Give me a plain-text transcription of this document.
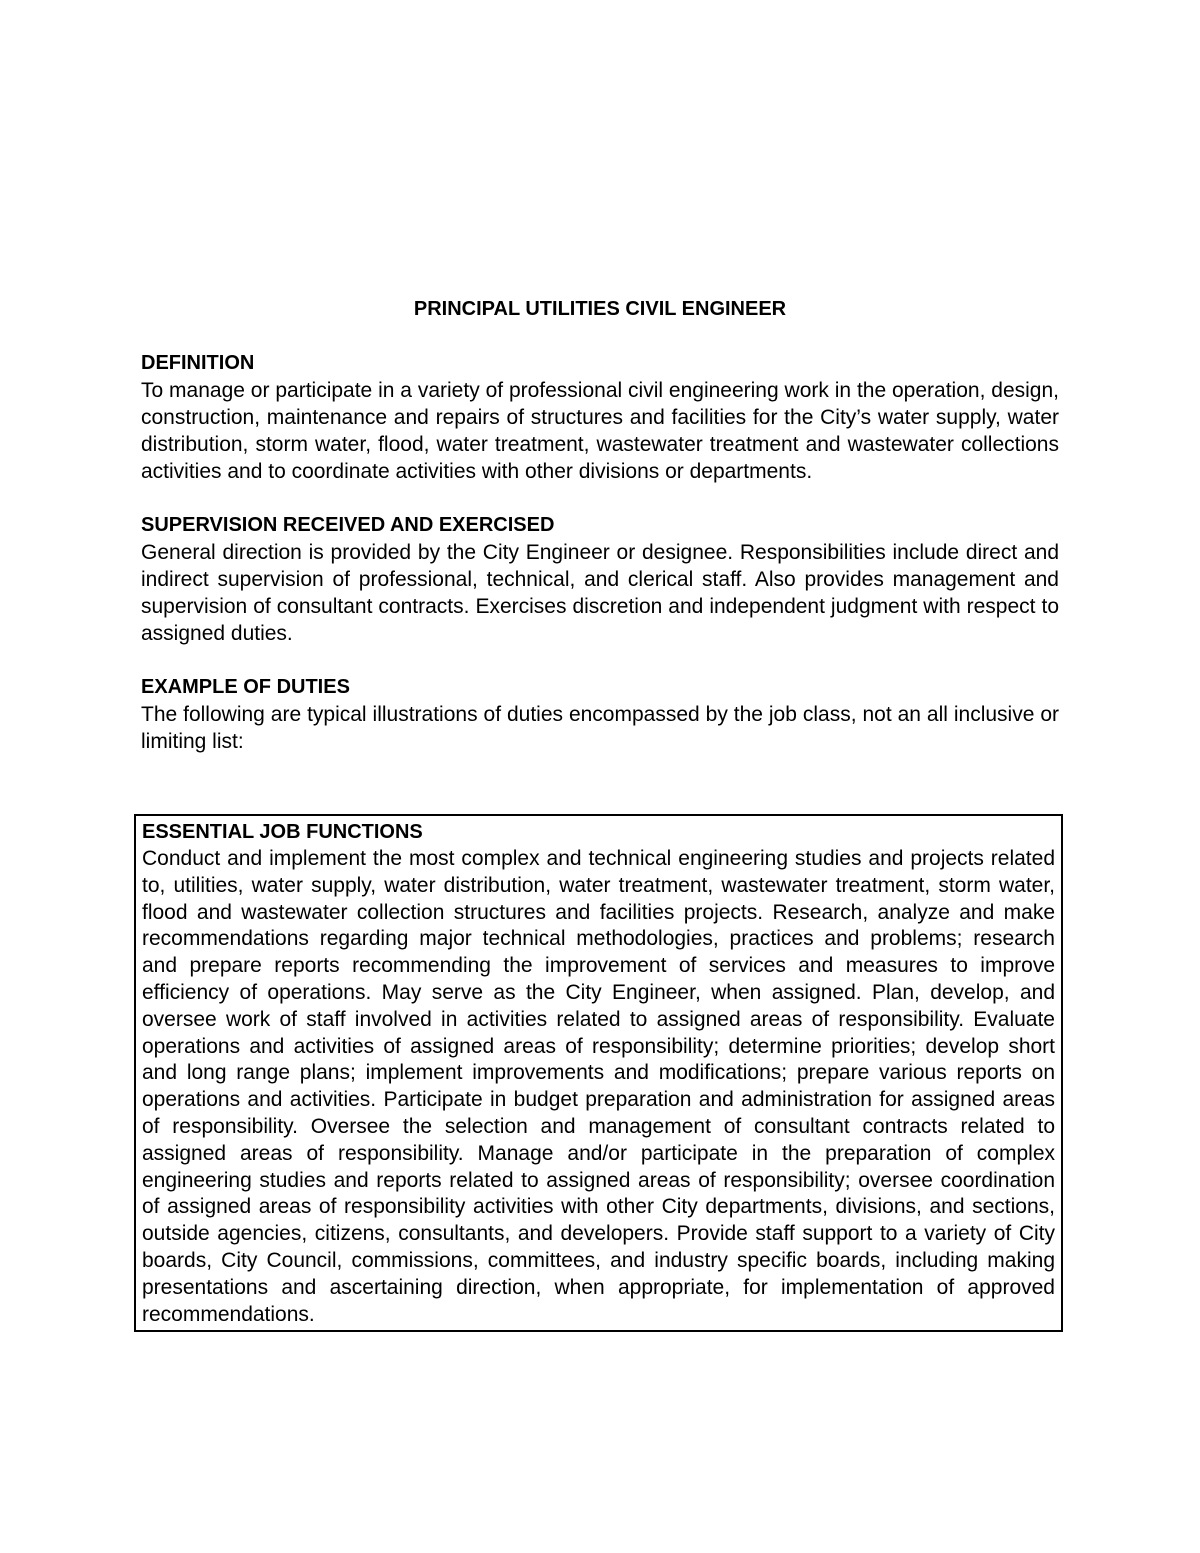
PRINCIPAL UTILITIES CIVIL ENGINEER
DEFINITION

To manage or participate in a variety of professional civil engineering work in the operation, design, construction, maintenance and repairs of structures and facilities for the City’s water supply, water distribution, storm water, flood, water treatment, wastewater treatment and wastewater collections activities and to coordinate activities with other divisions or departments.

SUPERVISION RECEIVED AND EXERCISED

General direction is provided by the City Engineer or designee. Responsibilities include direct and indirect supervision of professional, technical, and clerical staff. Also provides management and supervision of consultant contracts. Exercises discretion and independent judgment with respect to assigned duties.

EXAMPLE OF DUTIES

The following are typical illustrations of duties encompassed by the job class, not an all inclusive or limiting list:

ESSENTIAL JOB FUNCTIONS

Conduct and implement the most complex and technical engineering studies and projects related to, utilities, water supply, water distribution, water treatment, wastewater treatment, storm water, flood and wastewater collection structures and facilities projects. Research, analyze and make recommendations regarding major technical methodologies, practices and problems; research and prepare reports recommending the improvement of services and measures to improve efficiency of operations. May serve as the City Engineer, when assigned. Plan, develop, and oversee work of staff involved in activities related to assigned areas of responsibility. Evaluate operations and activities of assigned areas of responsibility; determine priorities; develop short and long range plans; implement improvements and modifications; prepare various reports on operations and activities. Participate in budget preparation and administration for assigned areas of responsibility. Oversee the selection and management of consultant contracts related to assigned areas of responsibility. Manage and/or participate in the preparation of complex engineering studies and reports related to assigned areas of responsibility; oversee coordination of assigned areas of responsibility activities with other City departments, divisions, and sections, outside agencies, citizens, consultants, and developers. Provide staff support to a variety of City boards, City Council, commissions, committees, and industry specific boards, including making presentations and ascertaining direction, when appropriate, for implementation of approved recommendations.
